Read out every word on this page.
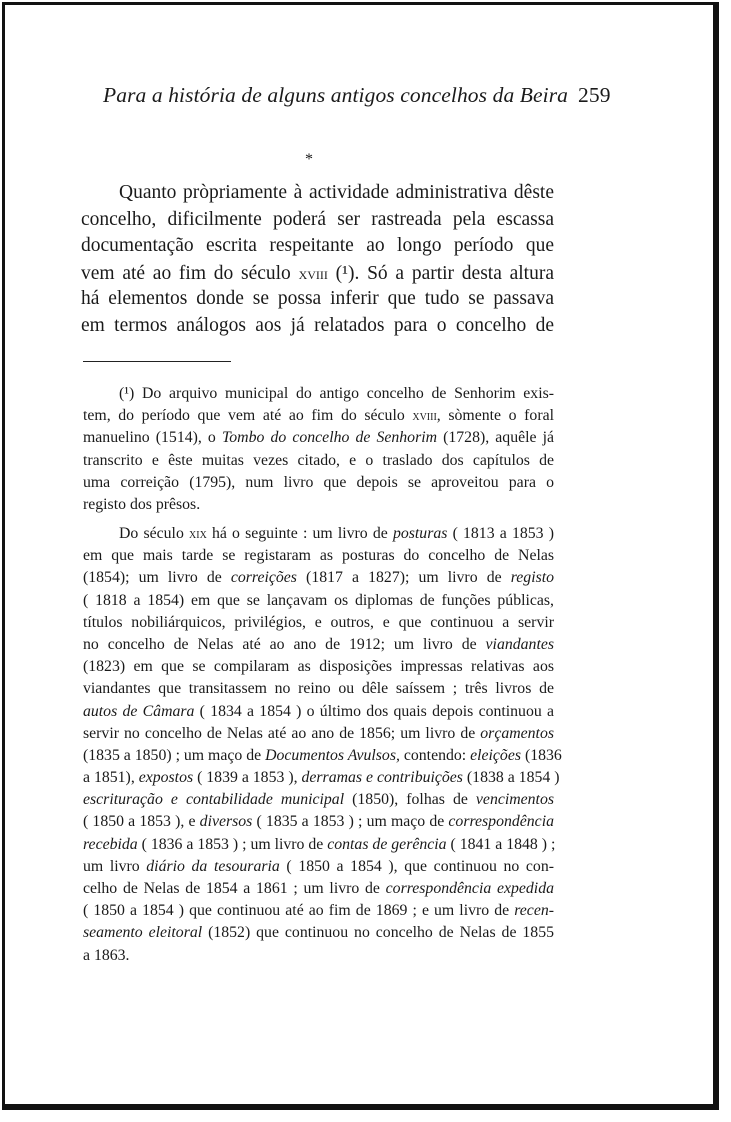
Para a história de alguns antigos concelhos da Beira 259
*
Quanto pròpriamente à actividade administrativa dêste
concelho, dificilmente poderá ser rastreada pela escassa
documentação escrita respeitante ao longo período que
vem até ao fim do século xviii (¹). Só a partir desta altura
há elementos donde se possa inferir que tudo se passava
em termos análogos aos já relatados para o concelho de
(¹) Do arquivo municipal do antigo concelho de Senhorim exis-
tem, do período que vem até ao fim do século xviii, sòmente o foral
manuelino (1514), o Tombo do concelho de Senhorim (1728), aquêle já
transcrito e êste muitas vezes citado, e o traslado dos capítulos de
uma correição (1795), num livro que depois se aproveitou para o
registo dos prêsos.
Do século xix há o seguinte : um livro de posturas ( 1813 a 1853 )
em que mais tarde se registaram as posturas do concelho de Nelas
(1854); um livro de correições (1817 a 1827); um livro de registo
( 1818 a 1854) em que se lançavam os diplomas de funções públicas,
títulos nobiliárquicos, privilégios, e outros, e que continuou a servir
no concelho de Nelas até ao ano de 1912; um livro de viandantes
(1823) em que se compilaram as disposições impressas relativas aos
viandantes que transitassem no reino ou dêle saíssem ; três livros de
autos de Câmara ( 1834 a 1854 ) o último dos quais depois continuou a
servir no concelho de Nelas até ao ano de 1856; um livro de orçamentos
(1835 a 1850) ; um maço de Documentos Avulsos, contendo: eleições (1836
a 1851), expostos ( 1839 a 1853 ), derramas e contribuições (1838 a 1854 )
escrituração e contabilidade municipal (1850), folhas de vencimentos
( 1850 a 1853 ), e diversos ( 1835 a 1853 ) ; um maço de correspondência
recebida ( 1836 a 1853 ) ; um livro de contas de gerência ( 1841 a 1848 ) ;
um livro diário da tesouraria ( 1850 a 1854 ), que continuou no con-
celho de Nelas de 1854 a 1861 ; um livro de correspondência expedida
( 1850 a 1854 ) que continuou até ao fim de 1869 ; e um livro de recen-
seamento eleitoral (1852) que continuou no concelho de Nelas de 1855
a 1863.
